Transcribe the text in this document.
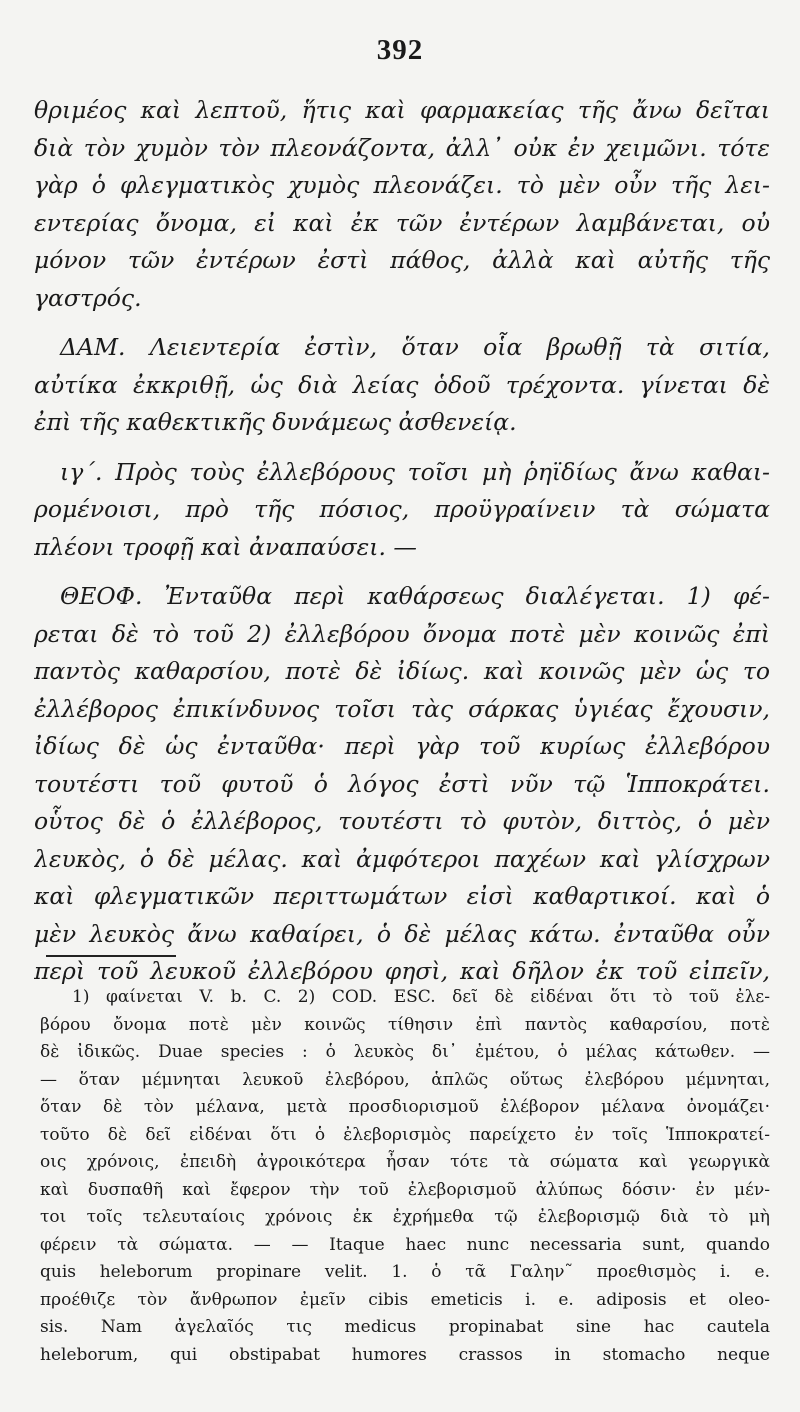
392
θριμέος καὶ λεπτοῦ, ἥτις καὶ φαρμακείας τῆς ἄνω δεῖται
διὰ τὸν χυμὸν τὸν πλεονάζοντα, ἀλλ᾽ οὐκ ἐν χειμῶνι. τότε
γὰρ ὁ φλεγματικὸς χυμὸς πλεονάζει. τὸ μὲν οὖν τῆς λει-
εντερίας ὄνομα, εἰ καὶ ἐκ τῶν ἐντέρων λαμβάνεται, οὐ
μόνον τῶν ἐντέρων ἐστὶ πάθος, ἀλλὰ καὶ αὐτῆς τῆς
γαστρός.
ΔΑΜ. Λειεντερία ἐστὶν, ὅταν οἷα βρωθῇ τὰ σιτία,
αὐτίκα ἐκκριθῇ, ὡς διὰ λείας ὁδοῦ τρέχοντα. γίνεται δὲ
ἐπὶ τῆς καθεκτικῆς δυνάμεως ἀσθενείᾳ.
ιγ΄. Πρὸς τοὺς ἐλλεβόρους τοῖσι μὴ ῥηϊδίως ἄνω καθαι-
ρομένοισι, πρὸ τῆς πόσιος, προϋγραίνειν τὰ σώματα
πλέονι τροφῇ καὶ ἀναπαύσει. —
ΘΕΟΦ. Ἐνταῦθα περὶ καθάρσεως διαλέγεται. 1) φέ-
ρεται δὲ τὸ τοῦ 2) ἐλλεβόρου ὄνομα ποτὲ μὲν κοινῶς ἐπὶ
παντὸς καθαρσίου, ποτὲ δὲ ἰδίως. καὶ κοινῶς μὲν ὡς το
ἐλλέβορος ἐπικίνδυνος τοῖσι τὰς σάρκας ὑγιέας ἔχουσιν,
ἰδίως δὲ ὡς ἐνταῦθα· περὶ γὰρ τοῦ κυρίως ἐλλεβόρου
τουτέστι τοῦ φυτοῦ ὁ λόγος ἐστὶ νῦν τῷ Ἱπποκράτει.
οὗτος δὲ ὁ ἐλλέβορος, τουτέστι τὸ φυτὸν, διττὸς, ὁ μὲν
λευκὸς, ὁ δὲ μέλας. καὶ ἀμφότεροι παχέων καὶ γλίσχρων
καὶ φλεγματικῶν περιττωμάτων εἰσὶ καθαρτικοί. καὶ ὁ
μὲν λευκὸς ἄνω καθαίρει, ὁ δὲ μέλας κάτω. ἐνταῦθα οὖν
περὶ τοῦ λευκοῦ ἐλλεβόρου φησὶ, καὶ δῆλον ἐκ τοῦ εἰπεῖν,
1) φαίνεται V. b. C. 2) COD. ESC. δεῖ δὲ εἰδέναι ὅτι τὸ τοῦ ἐλε-
βόρου ὄνομα ποτὲ μὲν κοινῶς τίθησιν ἐπὶ παντὸς καθαρσίου, ποτὲ
δὲ ἰδικῶς. Duae species : ὁ λευκὸς δι᾽ ἐμέτου, ὁ μέλας κάτωθεν. —
— ὅταν μέμνηται λευκοῦ ἐλεβόρου, ἁπλῶς οὕτως ἐλεβόρου μέμνηται,
ὅταν δὲ τὸν μέλανα, μετὰ προσδιορισμοῦ ἐλέβορον μέλανα ὀνομάζει·
τοῦτο δὲ δεῖ εἰδέναι ὅτι ὁ ἐλεβορισμὸς παρείχετο ἐν τοῖς Ἱπποκρατεί-
οις χρόνοις, ἐπειδὴ ἀγροικότερα ἦσαν τότε τὰ σώματα καὶ γεωργικὰ
καὶ δυσπαθῆ καὶ ἔφερον τὴν τοῦ ἐλεβορισμοῦ ἀλύπως δόσιν· ἐν μέν-
τοι τοῖς τελευταίοις χρόνοις ἐκ ἐχρήμεθα τῷ ἐλεβορισμῷ διὰ τὸ μὴ
φέρειν τὰ σώματα. — — Itaque haec nunc necessaria sunt, quando
quis heleborum propinare velit. 1. ὁ τᾶ Γαλην῀ προεθισμὸς i. e.
προέθιζε τὸν ἄνθρωπον ἐμεῖν cibis emeticis i. e. adiposis et oleo-
sis. Nam ἀγελαῖός τις medicus propinabat sine hac cautela
heleborum, qui obstipabat humores crassos in stomacho neque
